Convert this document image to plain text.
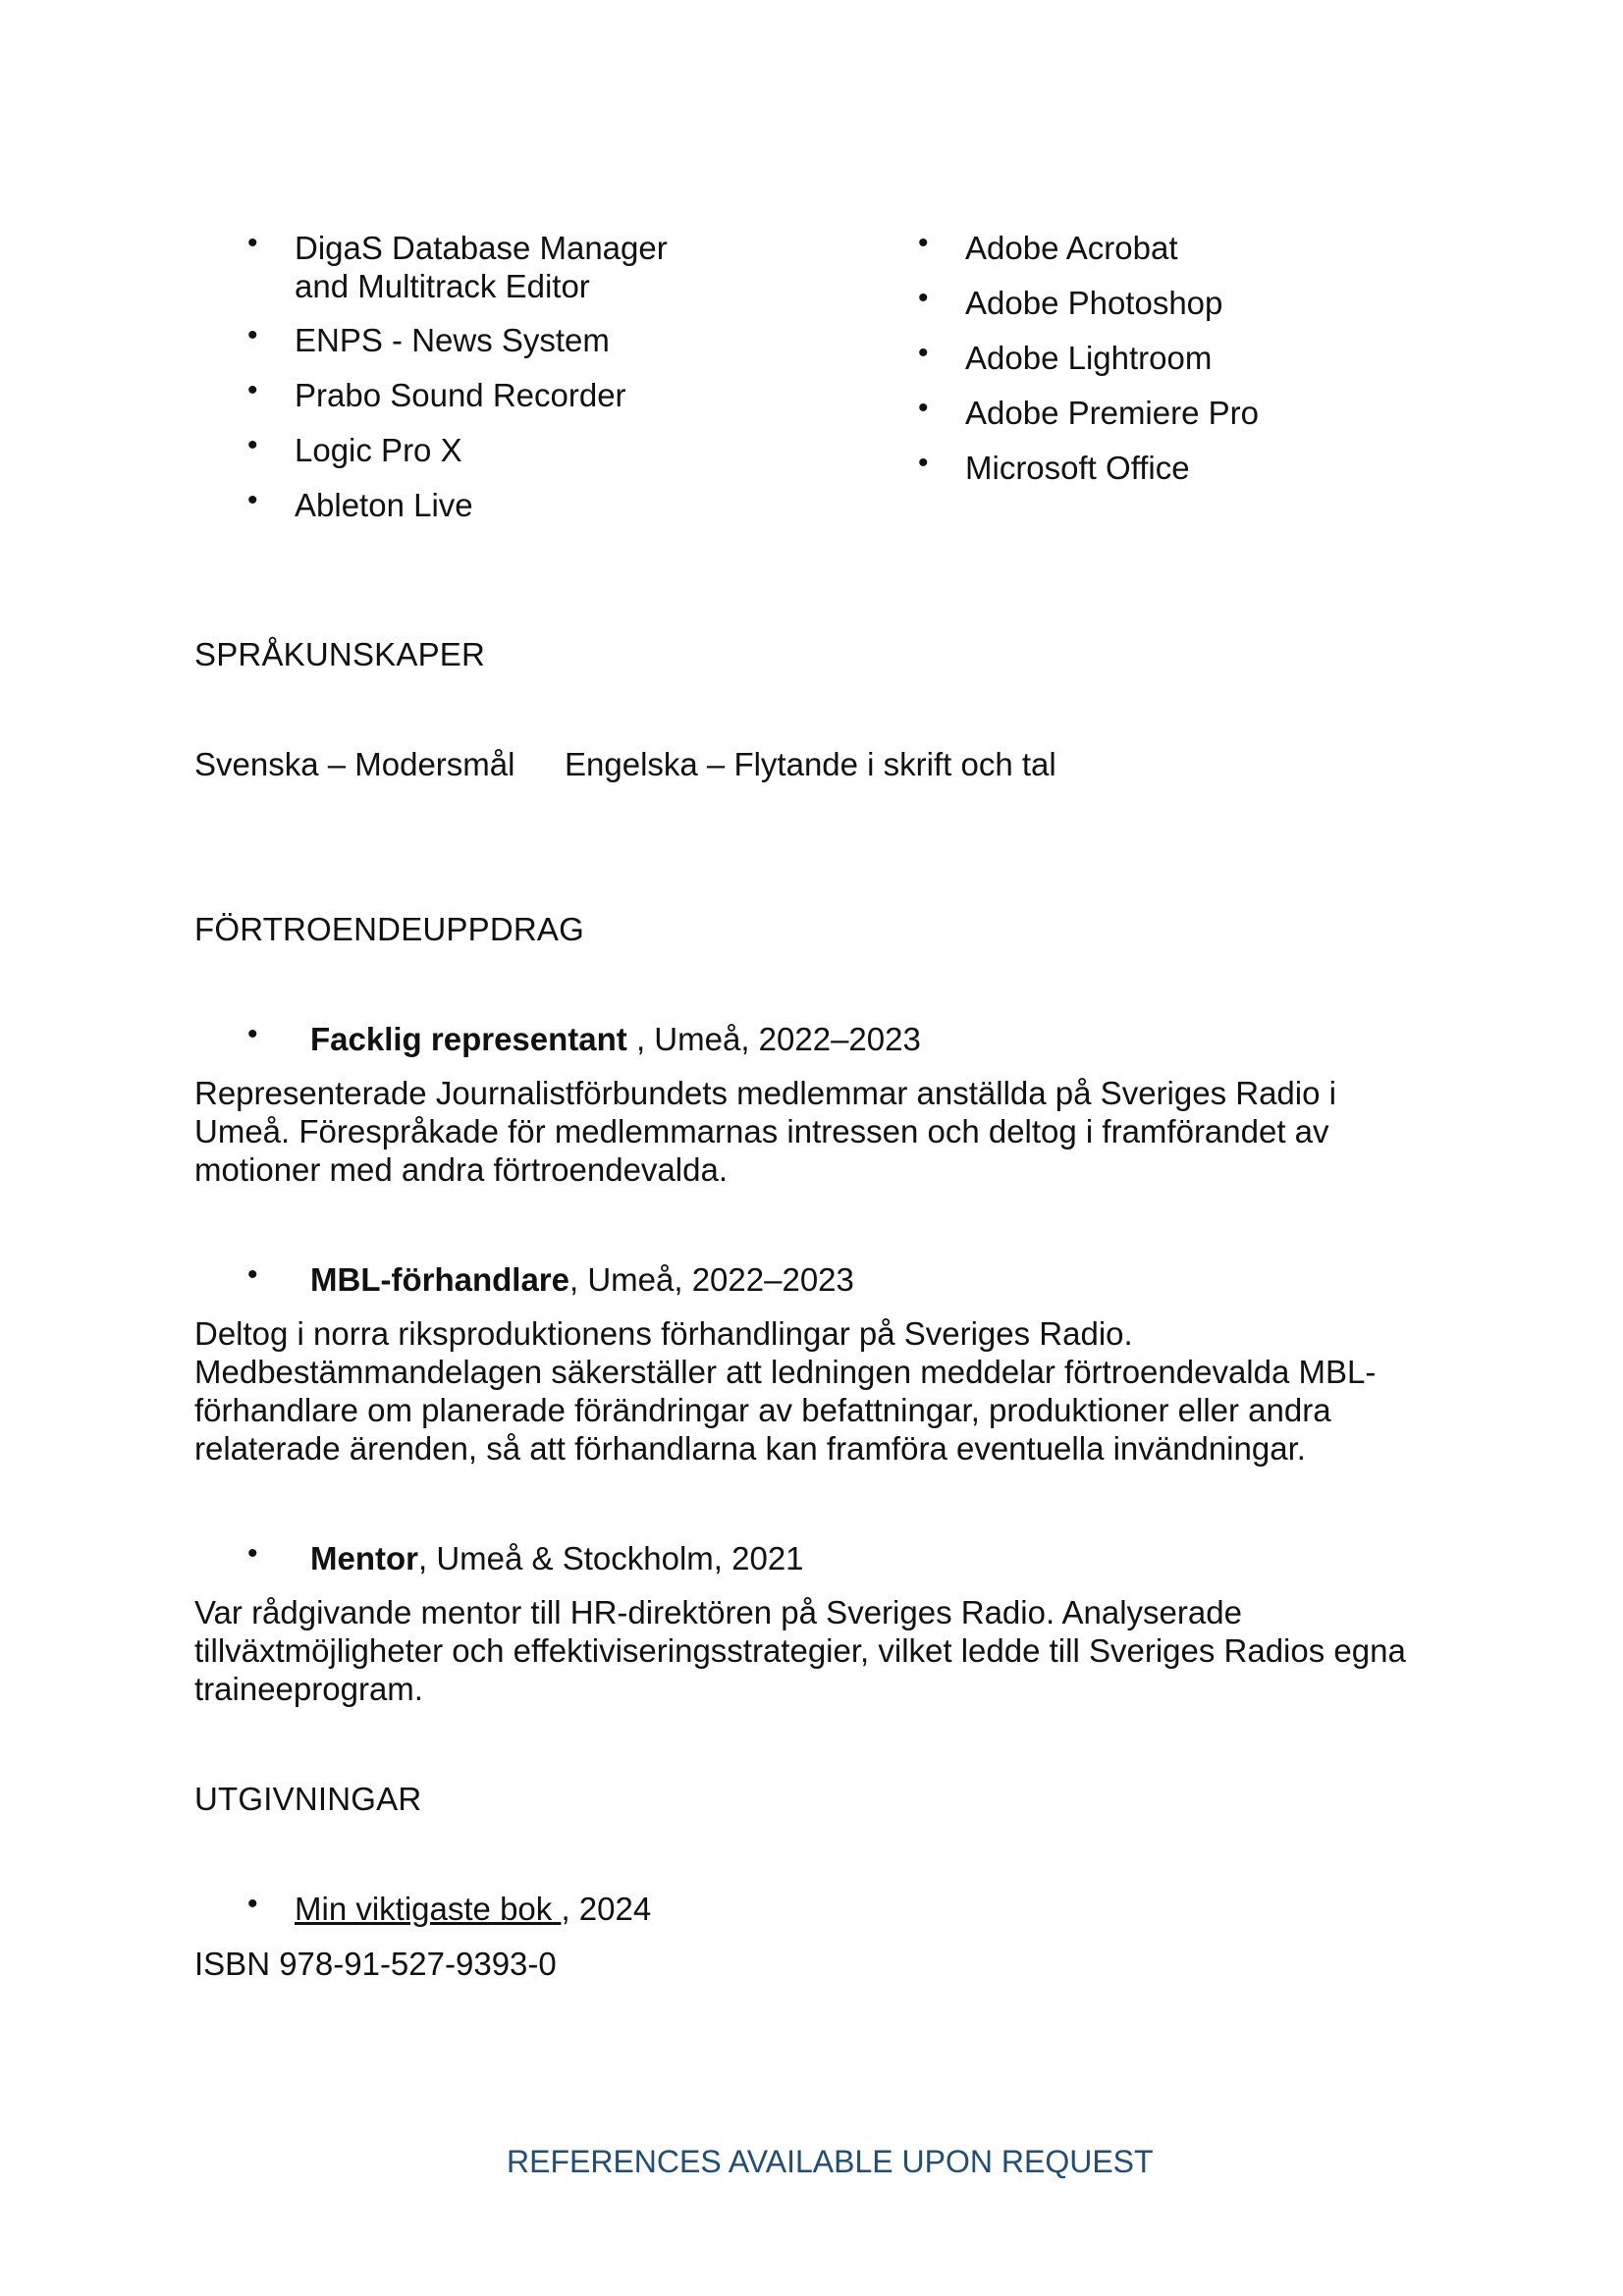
• DigaS Database Manager
and Multitrack Editor
• ENPS - News System
• Prabo Sound Recorder
• Logic Pro X
• Ableton Live
• Adobe Acrobat
• Adobe Photoshop
• Adobe Lightroom
• Adobe Premiere Pro
• Microsoft Office
SPRÅKUNSKAPER
Svenska – Modersmål Engelska – Flytande i skrift och tal
FÖRTROENDEUPPDRAG
• Facklig representant , Umeå, 2022–2023
Representerade Journalistförbundets medlemmar anställda på Sveriges Radio i
Umeå. Förespråkade för medlemmarnas intressen och deltog i framförandet av
motioner med andra förtroendevalda.
• MBL-förhandlare, Umeå, 2022–2023
Deltog i norra riksproduktionens förhandlingar på Sveriges Radio.
Medbestämmandelagen säkerställer att ledningen meddelar förtroendevalda MBL-
förhandlare om planerade förändringar av befattningar, produktioner eller andra
relaterade ärenden, så att förhandlarna kan framföra eventuella invändningar.
• Mentor, Umeå & Stockholm, 2021
Var rådgivande mentor till HR-direktören på Sveriges Radio. Analyserade
tillväxtmöjligheter och effektiviseringsstrategier, vilket ledde till Sveriges Radios egna
traineeprogram.
UTGIVNINGAR
• Min viktigaste bok , 2024
ISBN 978-91-527-9393-0
REFERENCES AVAILABLE UPON REQUEST
